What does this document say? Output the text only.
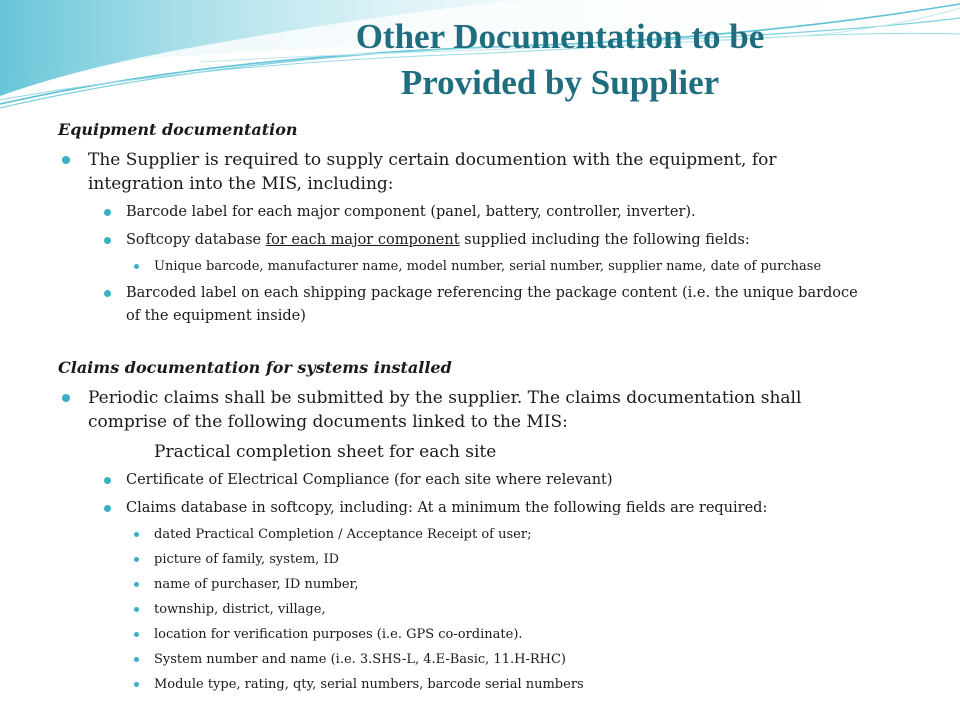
Other Documentation to be
Provided by Supplier

Equipment documentation

The Supplier is required to supply certain documention with the equipment, for integration into the MIS, including:
Barcode label for each major component (panel, battery, controller, inverter).
Softcopy database for each major component supplied including the following fields:
Unique barcode, manufacturer name, model number, serial number, supplier name, date of purchase
Barcoded label on each shipping package referencing the package content (i.e. the unique bardoce of the equipment inside)

Claims documentation for systems installed

Periodic claims shall be submitted by the supplier. The claims documentation shall comprise of the following documents linked to the MIS:
Practical completion sheet for each site
Certificate of Electrical Compliance (for each site where relevant)
Claims database in softcopy, including: At a minimum the following fields are required:
dated Practical Completion / Acceptance Receipt of user;
picture of family, system, ID
name of purchaser, ID number,
township, district, village,
location for verification purposes (i.e. GPS co-ordinate).
System number and name (i.e. 3.SHS-L, 4.E-Basic, 11.H-RHC)
Module type, rating, qty, serial numbers, barcode serial numbers
